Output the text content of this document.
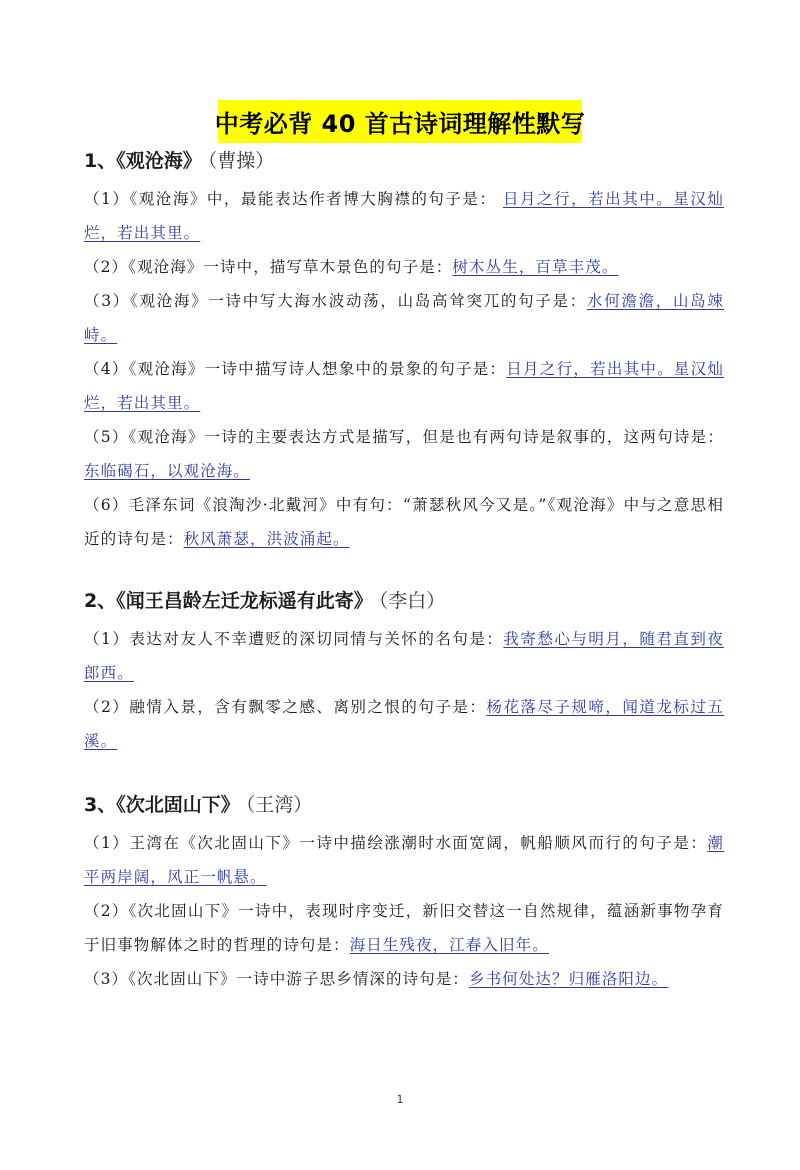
中考必背 40 首古诗词理解性默写
1、《观沧海》 （曹操）
（1）《观沧海》中，最能表达作者博大胸襟的句子是： 日月之行，若出其中。星汉灿烂，若出其里。
（2）《观沧海》一诗中，描写草木景色的句子是：树木丛生，百草丰茂。
（3）《观沧海》一诗中写大海水波动荡，山岛高耸突兀的句子是：水何澹澹，山岛竦峙。
（4）《观沧海》一诗中描写诗人想象中的景象的句子是：日月之行，若出其中。星汉灿烂，若出其里。
（5）《观沧海》一诗的主要表达方式是描写，但是也有两句诗是叙事的，这两句诗是：东临碣石，以观沧海。
（6）毛泽东词《浪淘沙·北戴河》中有句：“萧瑟秋风今又是。”《观沧海》中与之意思相近的诗句是：秋风萧瑟，洪波涌起。
2、《闻王昌龄左迁龙标遥有此寄》 （李白）
（1）表达对友人不幸遭贬的深切同情与关怀的名句是：我寄愁心与明月，随君直到夜郎西。
（2）融情入景，含有飘零之感、离别之恨的句子是：杨花落尽子规啼，闻道龙标过五溪。
3、《次北固山下》 （王湾）
（1）王湾在《次北固山下》一诗中描绘涨潮时水面宽阔，帆船顺风而行的句子是：潮平两岸阔，风正一帆悬。
（2）《次北固山下》一诗中，表现时序变迁，新旧交替这一自然规律，蕴涵新事物孕育于旧事物解体之时的哲理的诗句是：海日生残夜，江春入旧年。
（3）《次北固山下》一诗中游子思乡情深的诗句是：乡书何处达？归雁洛阳边。
1
